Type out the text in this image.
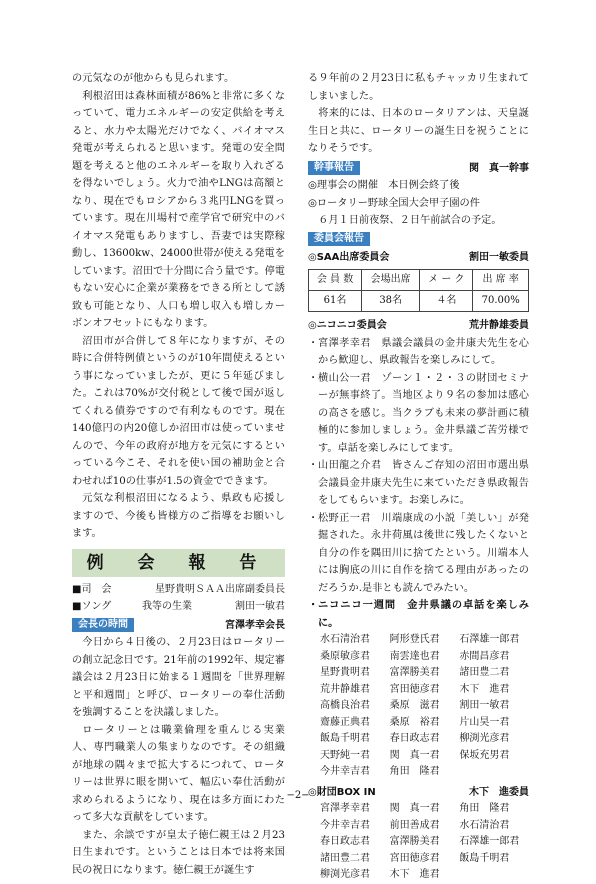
の元気なのが他からも見られます。

利根沼田は森林面積が86%と非常に多くなっていて、電力エネルギーの安定供給を考えると、水力や太陽光だけでなく、バイオマス発電が考えられると思います。発電の安全問題を考えると他のエネルギーを取り入れざるを得ないでしょう。火力で油やLNGは高額となり、現在でもロシアから３兆円LNGを買っています。現在川場村で産学官で研究中のバイオマス発電もありますし、吾妻では実際稼動し、13600kw、24000世帯が使える発電をしています。沼田で十分間に合う量です。停電もない安心に企業が業務をできる所として誘致も可能となり、人口も増し収入も増しカーボンオフセットにもなります。

沼田市が合併して８年になりますが、その時に合併特例債というのが10年間使えるという事になっていましたが、更に５年延びました。これは70%が交付税として後で国が返してくれる債券ですので有利なものです。現在140億円の内20億しか沼田市は使っていませんので、今年の政府が地方を元気にするといっている今こそ、それを使い国の補助金と合わせれば10の仕事が1.5の資金でできます。

元気な利根沼田になるよう、県政も応援しますので、今後も皆様方のご指導をお願いします。

例 会 報 告
■司　会	星野貴明ＳＡＡ出席副委員長
■ソング	我等の生業	割田一敏君
会長の時間	宮澤孝幸会長

今日から４日後の、２月23日はロータリーの創立記念日です。21年前の1992年、規定審議会は２月23日に始まる１週間を「世界理解と平和週間」と呼び、ロータリーの奉仕活動を強調することを決議しました。

ロータリーとは職業倫理を重んじる実業人、専門職業人の集まりなのです。その組織が地球の隅々まで拡大するにつれて、ロータリーは世界に眼を開いて、幅広い奉仕活動が求められるようになり、現在は多方面にわたって多大な貢献をしています。

また、余談ですが皇太子徳仁親王は２月23日生まれです。ということは日本では将来国民の祝日になります。徳仁親王が誕生す

る９年前の２月23日に私もチャッカリ生まれてしまいました。

将来的には、日本のロータリアンは、天皇誕生日と共に、ロータリーの誕生日を祝うことになりそうです。

幹事報告	関　真一幹事

◎理事会の開催　本日例会終了後

◎ロータリー野球全国大会甲子園の件

６月１日前夜祭、２日午前試合の予定。

委員会報告
◎SAA出席委員会	割田一敏委員
会 員 数	会場出席	メ ー ク	出 席 率
61名	38名	４名	70.00%
◎ニコニコ委員会	荒井静雄委員
・ 宮澤孝幸君　県議会議員の金井康夫先生を心から歓迎し、県政報告を楽しみにして。
・ 横山公一君　ゾーン１・２・３の財団セミナーが無事終了。当地区より９名の参加は感心の高さを感じ。当クラブも未来の夢計画に積極的に参加しましょう。金井県議ご苦労様です。卓話を楽しみにしてます。
・ 山田龍之介君　皆さんご存知の沼田市選出県会議員金井康夫先生に来ていただき県政報告をしてもらいます。お楽しみに。
・ 松野正一君　川端康成の小説「美しい」が発掘された。永井荷風は後世に残したくないと自分の作を隅田川に捨てたという。川端本人には胸底の川に自作を捨てる理由があったのだろうか.是非とも読んでみたい。
・ ニコニコ一週間　金井県議の卓話を楽しみに。
水石清治君	阿形登氏君	石澤雄一郎君
桑原敏彦君	南雲達也君	赤間昌彦君
星野貴明君	富澤勝美君	諸田豊二君
荒井静雄君	宮田徳彦君	木下　進君
高橋良治君	桑原　滋君	割田一敏君
齋藤正典君	桑原　裕君	片山昊一君
飯島千明君	春日政志君	柳渕光彦君
天野純一君	関　真一君	保坂充男君
今井幸吉君	角田　隆君
◎財団BOX IN	木下　進委員
宮澤孝幸君	関　真一君	角田　隆君
今井幸吉君	前田善成君	水石清治君
春日政志君	富澤勝美君	石澤雄一郎君
諸田豊二君	宮田徳彦君	飯島千明君
柳渕光彦君	木下　進君
−2−
